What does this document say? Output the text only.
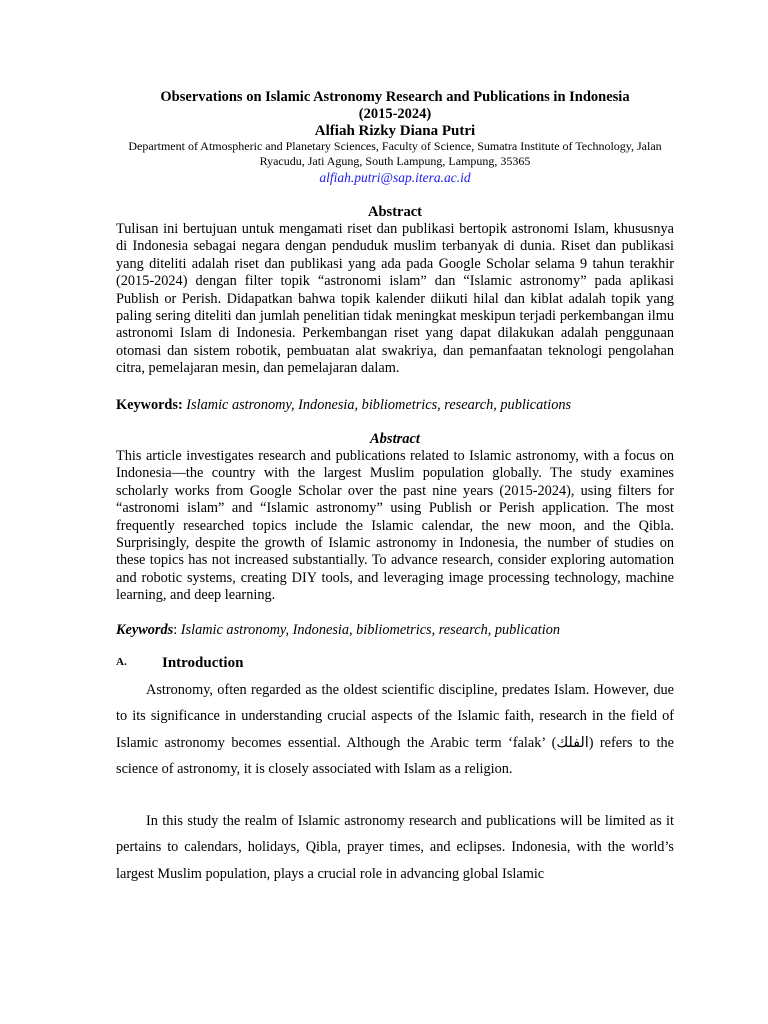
Observations on Islamic Astronomy Research and Publications in Indonesia
(2015-2024)
Alfiah Rizky Diana Putri
Department of Atmospheric and Planetary Sciences, Faculty of Science, Sumatra Institute of Technology, Jalan Ryacudu, Jati Agung, South Lampung, Lampung, 35365
alfiah.putri@sap.itera.ac.id
Abstract

Tulisan ini bertujuan untuk mengamati riset dan publikasi bertopik astronomi Islam, khususnya di Indonesia sebagai negara dengan penduduk muslim terbanyak di dunia. Riset dan publikasi yang diteliti adalah riset dan publikasi yang ada pada Google Scholar selama 9 tahun terakhir (2015-2024) dengan filter topik “astronomi islam” dan “Islamic astronomy” pada aplikasi Publish or Perish. Didapatkan bahwa topik kalender diikuti hilal dan kiblat adalah topik yang paling sering diteliti dan jumlah penelitian tidak meningkat meskipun terjadi perkembangan ilmu astronomi Islam di Indonesia. Perkembangan riset yang dapat dilakukan adalah penggunaan otomasi dan sistem robotik, pembuatan alat swakriya, dan pemanfaatan teknologi pengolahan citra, pemelajaran mesin, dan pemelajaran dalam.

Keywords: Islamic astronomy, Indonesia, bibliometrics, research, publications
Abstract

This article investigates research and publications related to Islamic astronomy, with a focus on Indonesia—the country with the largest Muslim population globally. The study examines scholarly works from Google Scholar over the past nine years (2015-2024), using filters for “astronomi islam” and “Islamic astronomy” using Publish or Perish application. The most frequently researched topics include the Islamic calendar, the new moon, and the Qibla. Surprisingly, despite the growth of Islamic astronomy in Indonesia, the number of studies on these topics has not increased substantially. To advance research, consider exploring automation and robotic systems, creating DIY tools, and leveraging image processing technology, machine learning, and deep learning.

Keywords: Islamic astronomy, Indonesia, bibliometrics, research, publication
A. Introduction

Astronomy, often regarded as the oldest scientific discipline, predates Islam. However, due to its significance in understanding crucial aspects of the Islamic faith, research in the field of Islamic astronomy becomes essential. Although the Arabic term ‘falak’ (الفلك) refers to the science of astronomy, it is closely associated with Islam as a religion.

In this study the realm of Islamic astronomy research and publications will be limited as it pertains to calendars, holidays, Qibla, prayer times, and eclipses. Indonesia, with the world’s largest Muslim population, plays a crucial role in advancing global Islamic
